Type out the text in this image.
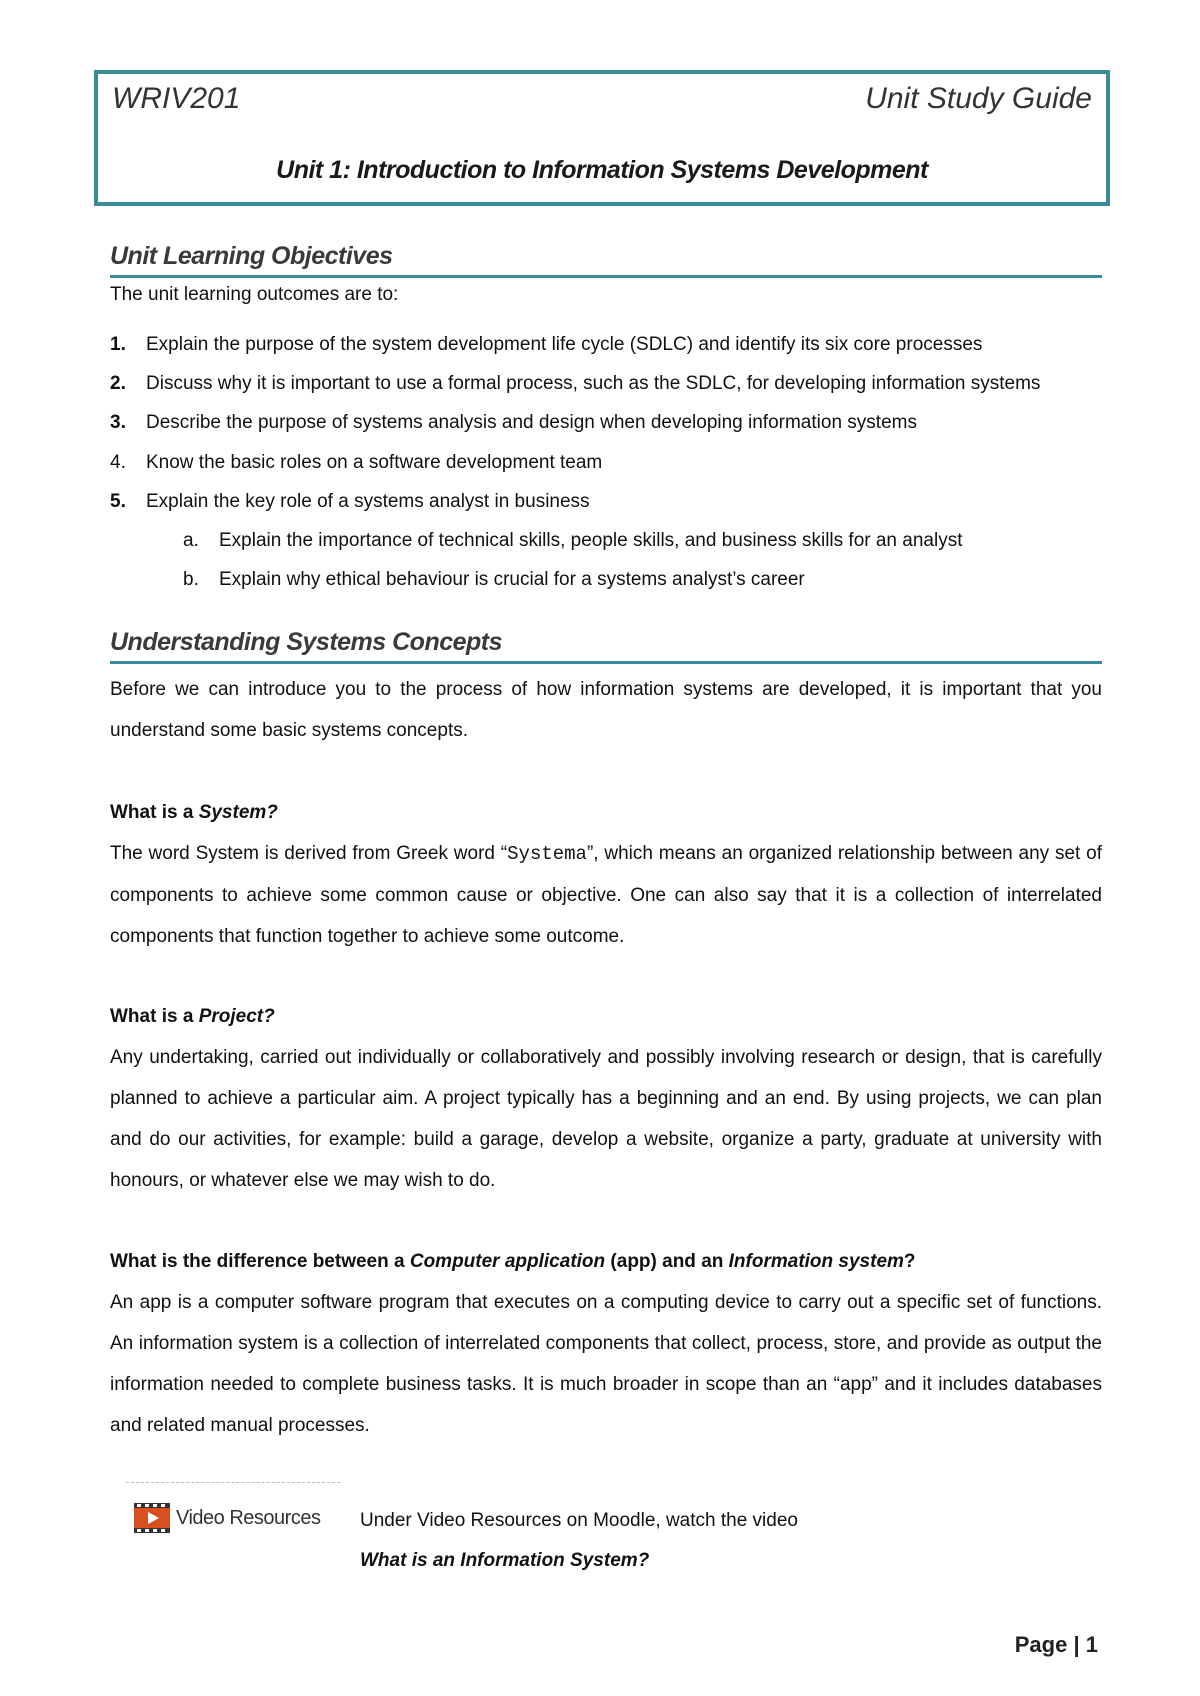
WRIV201	Unit Study Guide
Unit 1: Introduction to Information Systems Development
Unit Learning Objectives
The unit learning outcomes are to:
1. Explain the purpose of the system development life cycle (SDLC) and identify its six core processes
2. Discuss why it is important to use a formal process, such as the SDLC, for developing information systems
3. Describe the purpose of systems analysis and design when developing information systems
4. Know the basic roles on a software development team
5. Explain the key role of a systems analyst in business
a. Explain the importance of technical skills, people skills, and business skills for an analyst
b. Explain why ethical behaviour is crucial for a systems analyst’s career
Understanding Systems Concepts
Before we can introduce you to the process of how information systems are developed, it is important that you understand some basic systems concepts.
What is a System?
The word System is derived from Greek word “Systema”, which means an organized relationship between any set of components to achieve some common cause or objective. One can also say that it is a collection of interrelated components that function together to achieve some outcome.
What is a Project?
Any undertaking, carried out individually or collaboratively and possibly involving research or design, that is carefully planned to achieve a particular aim. A project typically has a beginning and an end. By using projects, we can plan and do our activities, for example: build a garage, develop a website, organize a party, graduate at university with honours, or whatever else we may wish to do.
What is the difference between a Computer application (app) and an Information system?
An app is a computer software program that executes on a computing device to carry out a specific set of functions. An information system is a collection of interrelated components that collect, process, store, and provide as output the information needed to complete business tasks. It is much broader in scope than an “app” and it includes databases and related manual processes.
Video Resources Under Video Resources on Moodle, watch the video
What is an Information System?
Page | 1
